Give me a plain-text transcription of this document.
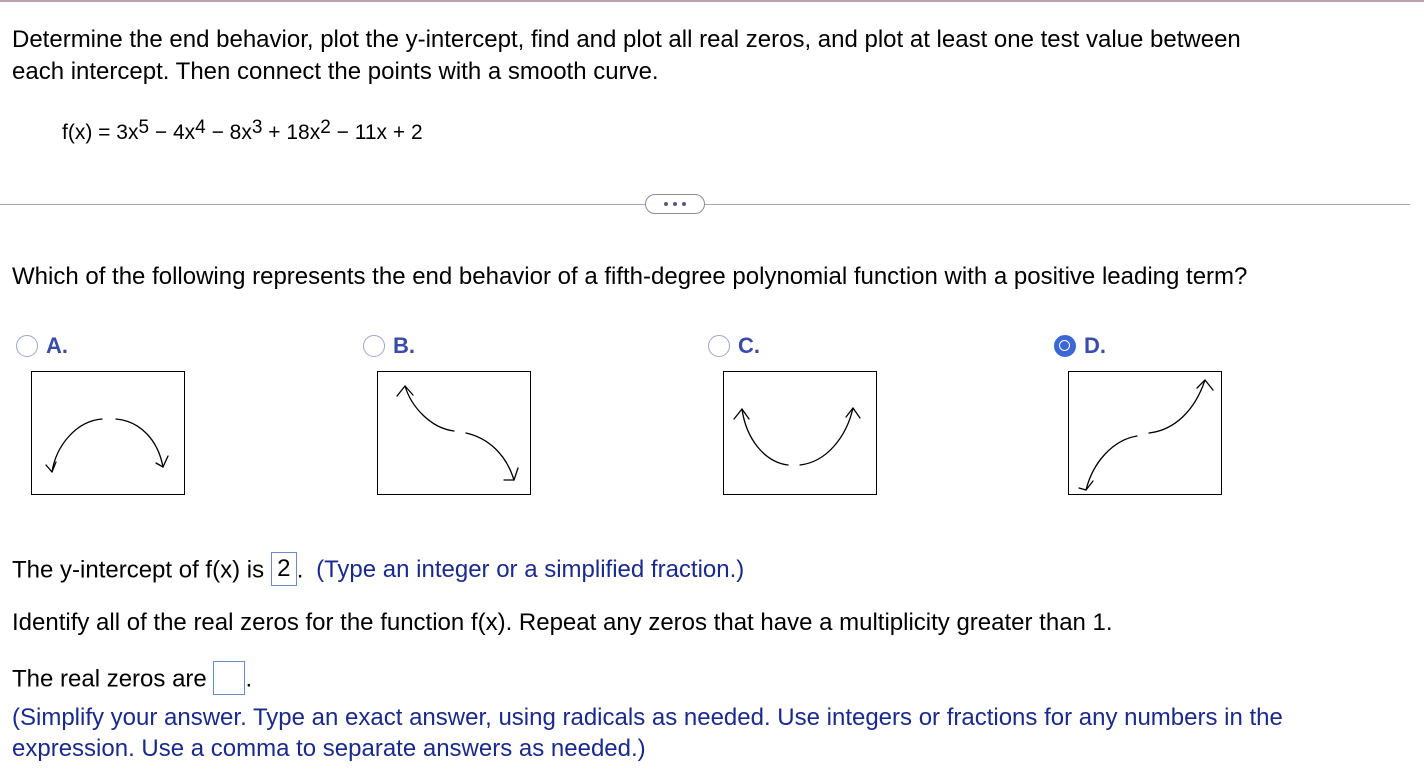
Determine the end behavior, plot the y-intercept, find and plot all real zeros, and plot at least one test value between
each intercept. Then connect the points with a smooth curve.
$f(x) = 3x^5 - 4x^4 - 8x^3 + 18x^2 - 11x + 2$
Which of the following represents the end behavior of a fifth-degree polynomial function with a positive leading term?
A.	B.	C.	D.
The y-intercept of f(x) is 2 . (Type an integer or a simplified fraction.)
Identify all of the real zeros for the function f(x). Repeat any zeros that have a multiplicity greater than 1.
The real zeros are .
(Simplify your answer. Type an exact answer, using radicals as needed. Use integers or fractions for any numbers in the
expression. Use a comma to separate answers as needed.)
